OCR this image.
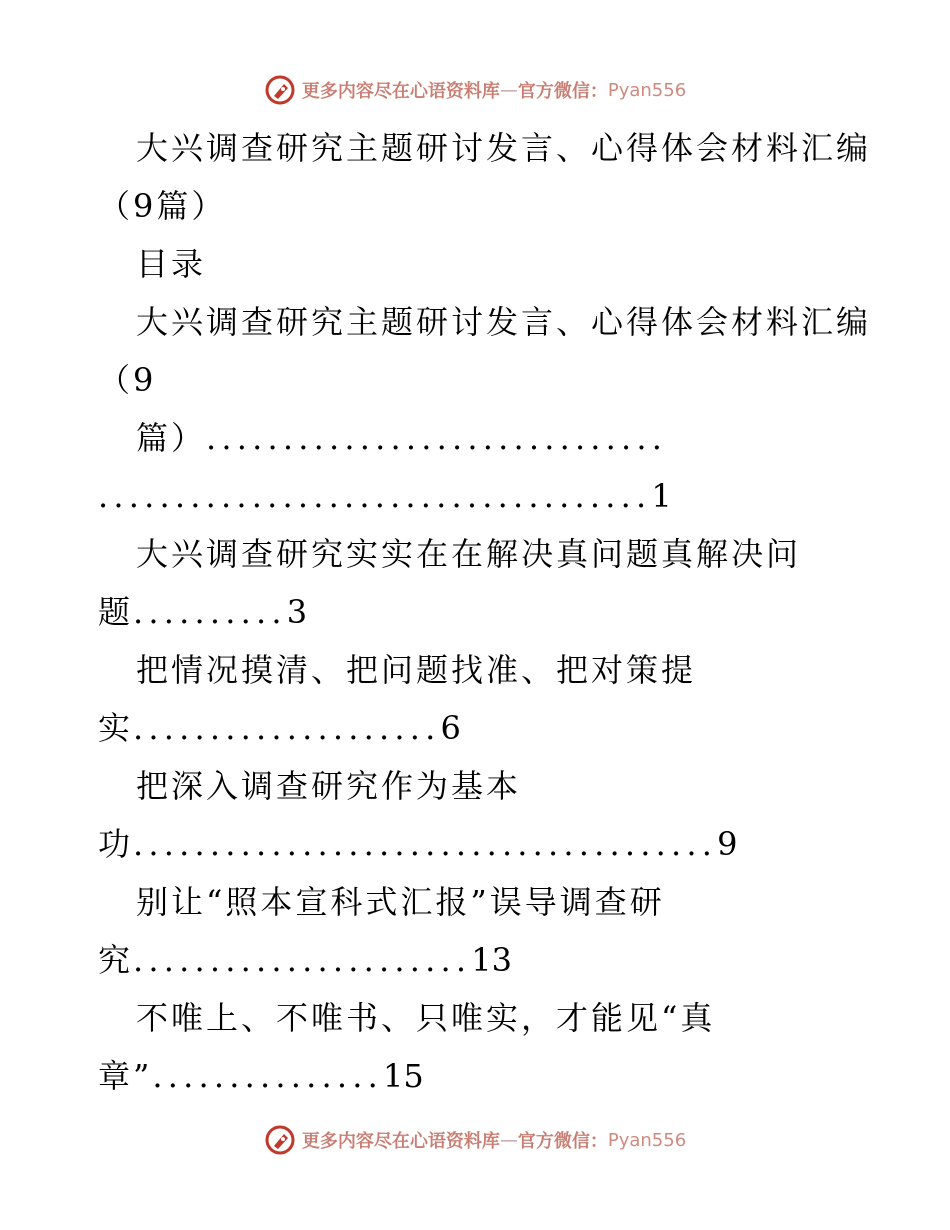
更多内容尽在心语资料库 — 官方微信： Pyan556
大兴调查研究主题研讨发言、心得体会材料汇编
（9篇）
目录
大兴调查研究主题研讨发言、心得体会材料汇编
（9
篇）..............................
....................................1
大兴调查研究实实在在解决真问题真解决问
题..........3
把情况摸清、把问题找准、把对策提
实....................6
把深入调查研究作为基本
功......................................9
别让“照本宣科式汇报”误导调查研
究......................13
不唯上、不唯书、只唯实，才能见“真
章”...............15
更多内容尽在心语资料库 — 官方微信： Pyan556
